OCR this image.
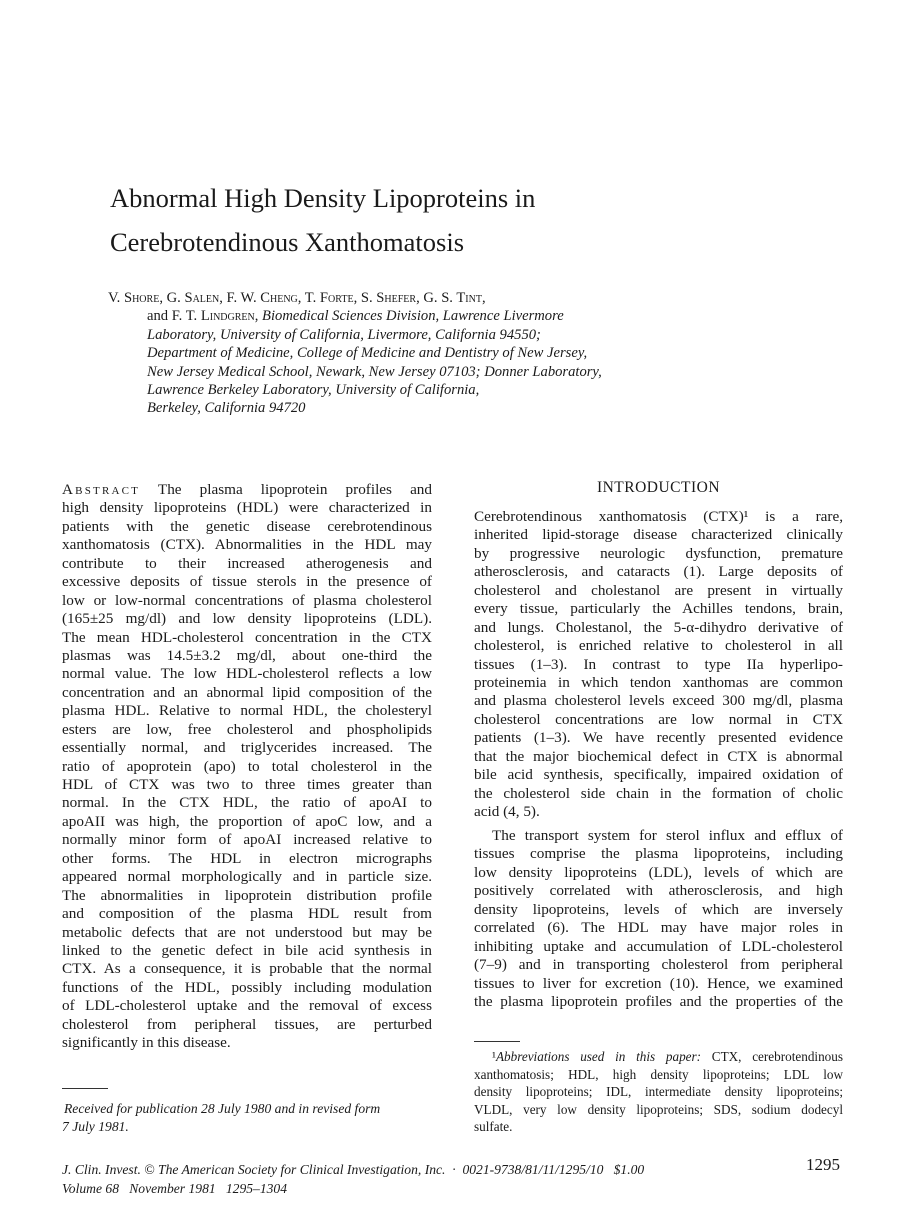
Abnormal High Density Lipoproteins in
Cerebrotendinous Xanthomatosis
V. Shore, G. Salen, F. W. Cheng, T. Forte, S. Shefer, G. S. Tint,
and F. T. Lindgren, Biomedical Sciences Division, Lawrence Livermore
Laboratory, University of California, Livermore, California 94550;
Department of Medicine, College of Medicine and Dentistry of New Jersey,
New Jersey Medical School, Newark, New Jersey 07103; Donner Laboratory,
Lawrence Berkeley Laboratory, University of California,
Berkeley, California 94720
Abstract The plasma lipoprotein profiles and
high density lipoproteins (HDL) were characterized in
patients with the genetic disease cerebrotendinous
xanthomatosis (CTX). Abnormalities in the HDL may
contribute to their increased atherogenesis and
excessive deposits of tissue sterols in the presence of
low or low-normal concentrations of plasma cholesterol
(165±25 mg/dl) and low density lipoproteins (LDL).
The mean HDL-cholesterol concentration in the CTX
plasmas was 14.5±3.2 mg/dl, about one-third the
normal value. The low HDL-cholesterol reflects a low
concentration and an abnormal lipid composition of the
plasma HDL. Relative to normal HDL, the cholesteryl
esters are low, free cholesterol and phospholipids
essentially normal, and triglycerides increased. The
ratio of apoprotein (apo) to total cholesterol in the
HDL of CTX was two to three times greater than
normal. In the CTX HDL, the ratio of apoAI to
apoAII was high, the proportion of apoC low, and a
normally minor form of apoAI increased relative to
other forms. The HDL in electron micrographs
appeared normal morphologically and in particle size.
The abnormalities in lipoprotein distribution profile
and composition of the plasma HDL result from
metabolic defects that are not understood but may be
linked to the genetic defect in bile acid synthesis in
CTX. As a consequence, it is probable that the normal
functions of the HDL, possibly including modulation
of LDL-cholesterol uptake and the removal of excess
cholesterol from peripheral tissues, are perturbed
significantly in this disease.
Received for publication 28 July 1980 and in revised form
7 July 1981.
INTRODUCTION
Cerebrotendinous xanthomatosis (CTX)¹ is a rare,
inherited lipid-storage disease characterized clinically
by progressive neurologic dysfunction, premature
atherosclerosis, and cataracts (1). Large deposits of
cholesterol and cholestanol are present in virtually
every tissue, particularly the Achilles tendons, brain,
and lungs. Cholestanol, the 5-α-dihydro derivative of
cholesterol, is enriched relative to cholesterol in all
tissues (1–3). In contrast to type IIa hyperlipo-
proteinemia in which tendon xanthomas are common
and plasma cholesterol levels exceed 300 mg/dl, plasma
cholesterol concentrations are low normal in CTX
patients (1–3). We have recently presented evidence
that the major biochemical defect in CTX is abnormal
bile acid synthesis, specifically, impaired oxidation of
the cholesterol side chain in the formation of cholic
acid (4, 5).
The transport system for sterol influx and efflux of
tissues comprise the plasma lipoproteins, including
low density lipoproteins (LDL), levels of which are
positively correlated with atherosclerosis, and high
density lipoproteins, levels of which are inversely
correlated (6). The HDL may have major roles in
inhibiting uptake and accumulation of LDL-cholesterol
(7–9) and in transporting cholesterol from peripheral
tissues to liver for excretion (10). Hence, we examined
the plasma lipoprotein profiles and the properties of the
¹Abbreviations used in this paper: CTX, cerebrotendinous
xanthomatosis; HDL, high density lipoproteins; LDL low
density lipoproteins; IDL, intermediate density lipoproteins;
VLDL, very low density lipoproteins; SDS, sodium dodecyl
sulfate.
J. Clin. Invest. © The American Society for Clinical Investigation, Inc.  ·  0021-9738/81/11/1295/10   $1.00
Volume 68   November 1981   1295–1304
1295
